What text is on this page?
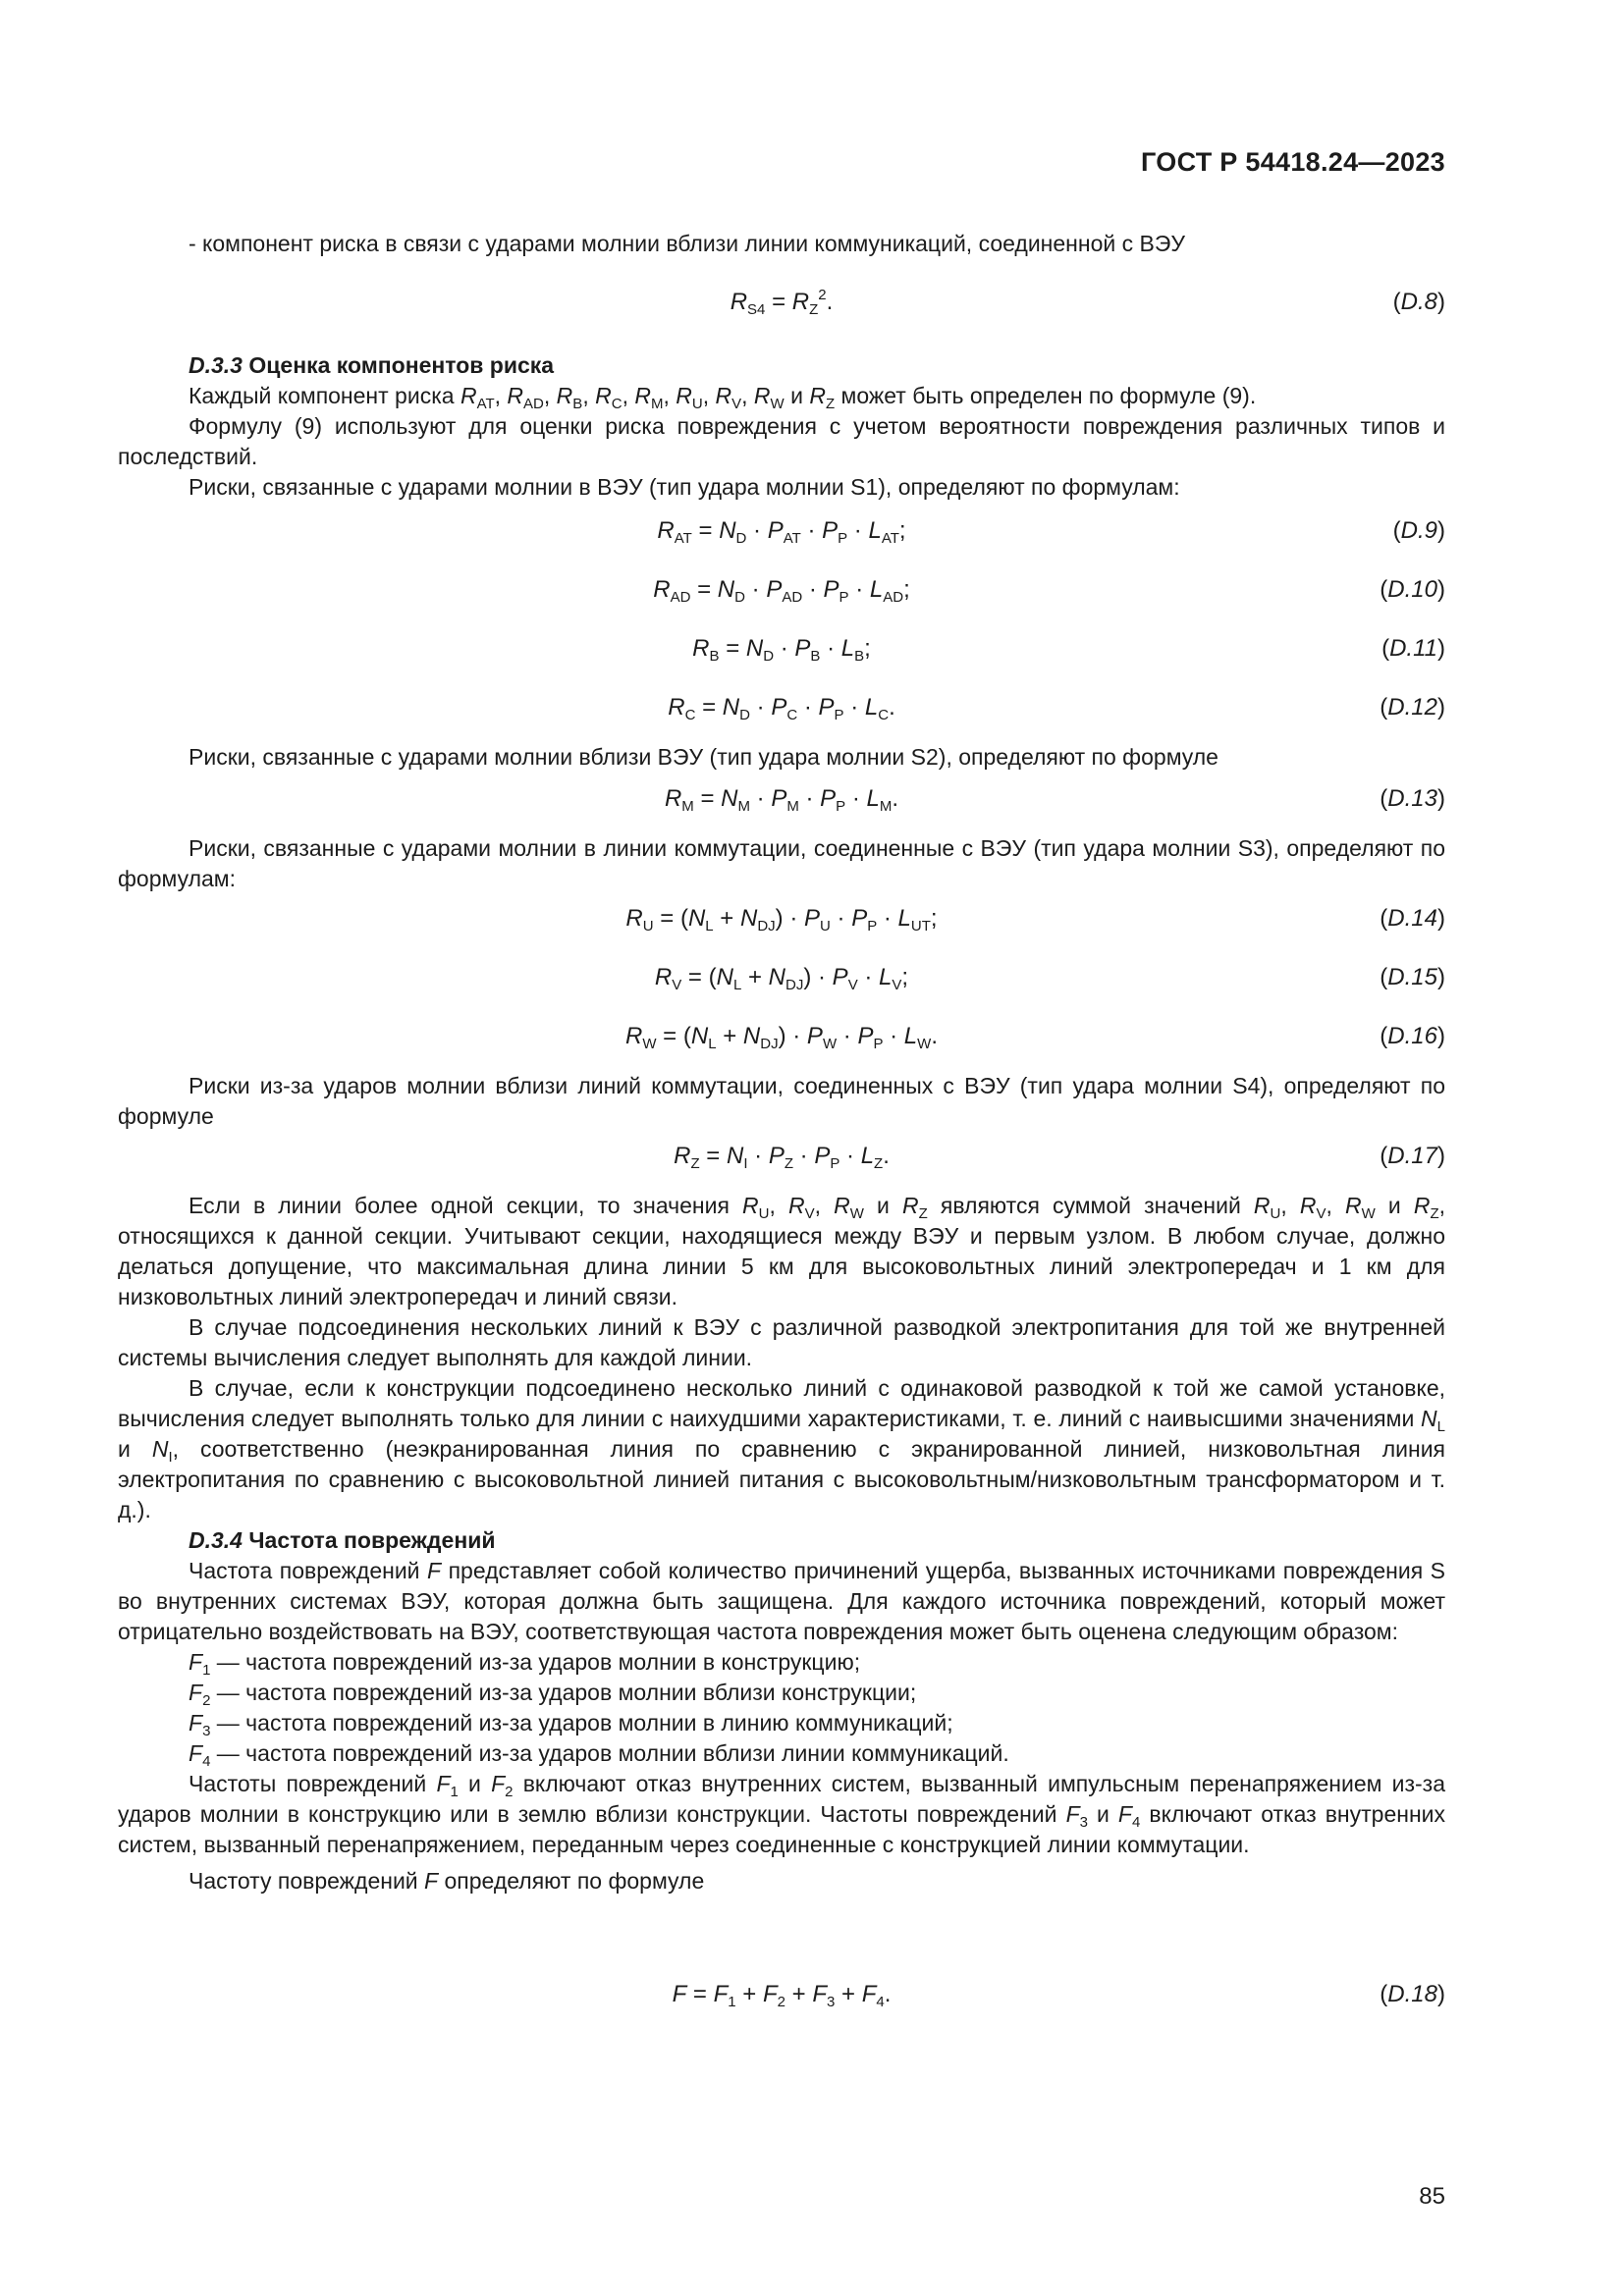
ГОСТ Р 54418.24—2023

- компонент риска в связи с ударами молнии вблизи линии коммуникаций, соединенной с ВЭУ

$R_{S4} = R_Z^2$.	(D.8)

D.3.3 Оценка компонентов риска

Каждый компонент риска $R_{AT}$, $R_{AD}$, $R_B$, $R_C$, $R_M$, $R_U$, $R_V$, $R_W$ и $R_Z$ может быть определен по формуле (9).

Формулу (9) используют для оценки риска повреждения с учетом вероятности повреждения различных типов и последствий.

Риски, связанные с ударами молнии в ВЭУ (тип удара молнии S1), определяют по формулам:

$R_{AT} = N_D \cdot P_{AT} \cdot P_P \cdot L_{AT}$;	(D.9)
$R_{AD} = N_D \cdot P_{AD} \cdot P_P \cdot L_{AD}$;	(D.10)
$R_B = N_D \cdot P_B \cdot L_B$;	(D.11)
$R_C = N_D \cdot P_C \cdot P_P \cdot L_C$.	(D.12)

Риски, связанные с ударами молнии вблизи ВЭУ (тип удара молнии S2), определяют по формуле

$R_M = N_M \cdot P_M \cdot P_P \cdot L_M$.	(D.13)

Риски, связанные с ударами молнии в линии коммутации, соединенные с ВЭУ (тип удара молнии S3), определяют по формулам:

$R_U = (N_L + N_{DJ}) \cdot P_U \cdot P_P \cdot L_{UT}$;	(D.14)
$R_V = (N_L + N_{DJ}) \cdot P_V \cdot L_V$;	(D.15)
$R_W = (N_L + N_{DJ}) \cdot P_W \cdot P_P \cdot L_W$.	(D.16)

Риски из-за ударов молнии вблизи линий коммутации, соединенных с ВЭУ (тип удара молнии S4), определяют по формуле

$R_Z = N_I \cdot P_Z \cdot P_P \cdot L_Z$.	(D.17)

Если в линии более одной секции, то значения $R_U$, $R_V$, $R_W$ и $R_Z$ являются суммой значений $R_U$, $R_V$, $R_W$ и $R_Z$, относящихся к данной секции. Учитывают секции, находящиеся между ВЭУ и первым узлом. В любом случае, должно делаться допущение, что максимальная длина линии 5 км для высоковольтных линий электропередач и 1 км для низковольтных линий электропередач и линий связи.

В случае подсоединения нескольких линий к ВЭУ с различной разводкой электропитания для той же внутренней системы вычисления следует выполнять для каждой линии.

В случае, если к конструкции подсоединено несколько линий с одинаковой разводкой к той же самой установке, вычисления следует выполнять только для линии с наихудшими характеристиками, т. е. линий с наивысшими значениями $N_L$ и $N_I$, соответственно (неэкранированная линия по сравнению с экранированной линией, низковольтная линия электропитания по сравнению с высоковольтной линией питания с высоковольтным/низковольтным трансформатором и т. д.).

D.3.4 Частота повреждений

Частота повреждений F представляет собой количество причинений ущерба, вызванных источниками повреждения S во внутренних системах ВЭУ, которая должна быть защищена. Для каждого источника повреждений, который может отрицательно воздействовать на ВЭУ, соответствующая частота повреждения может быть оценена следующим образом:

$F_1$ — частота повреждений из-за ударов молнии в конструкцию;

$F_2$ — частота повреждений из-за ударов молнии вблизи конструкции;

$F_3$ — частота повреждений из-за ударов молнии в линию коммуникаций;

$F_4$ — частота повреждений из-за ударов молнии вблизи линии коммуникаций.

Частоты повреждений $F_1$ и $F_2$ включают отказ внутренних систем, вызванный импульсным перенапряжением из-за ударов молнии в конструкцию или в землю вблизи конструкции. Частоты повреждений $F_3$ и $F_4$ включают отказ внутренних систем, вызванный перенапряжением, переданным через соединенные с конструкцией линии коммутации.

Частоту повреждений F определяют по формуле

$F = F_1 + F_2 + F_3 + F_4$.	(D.18)
85
